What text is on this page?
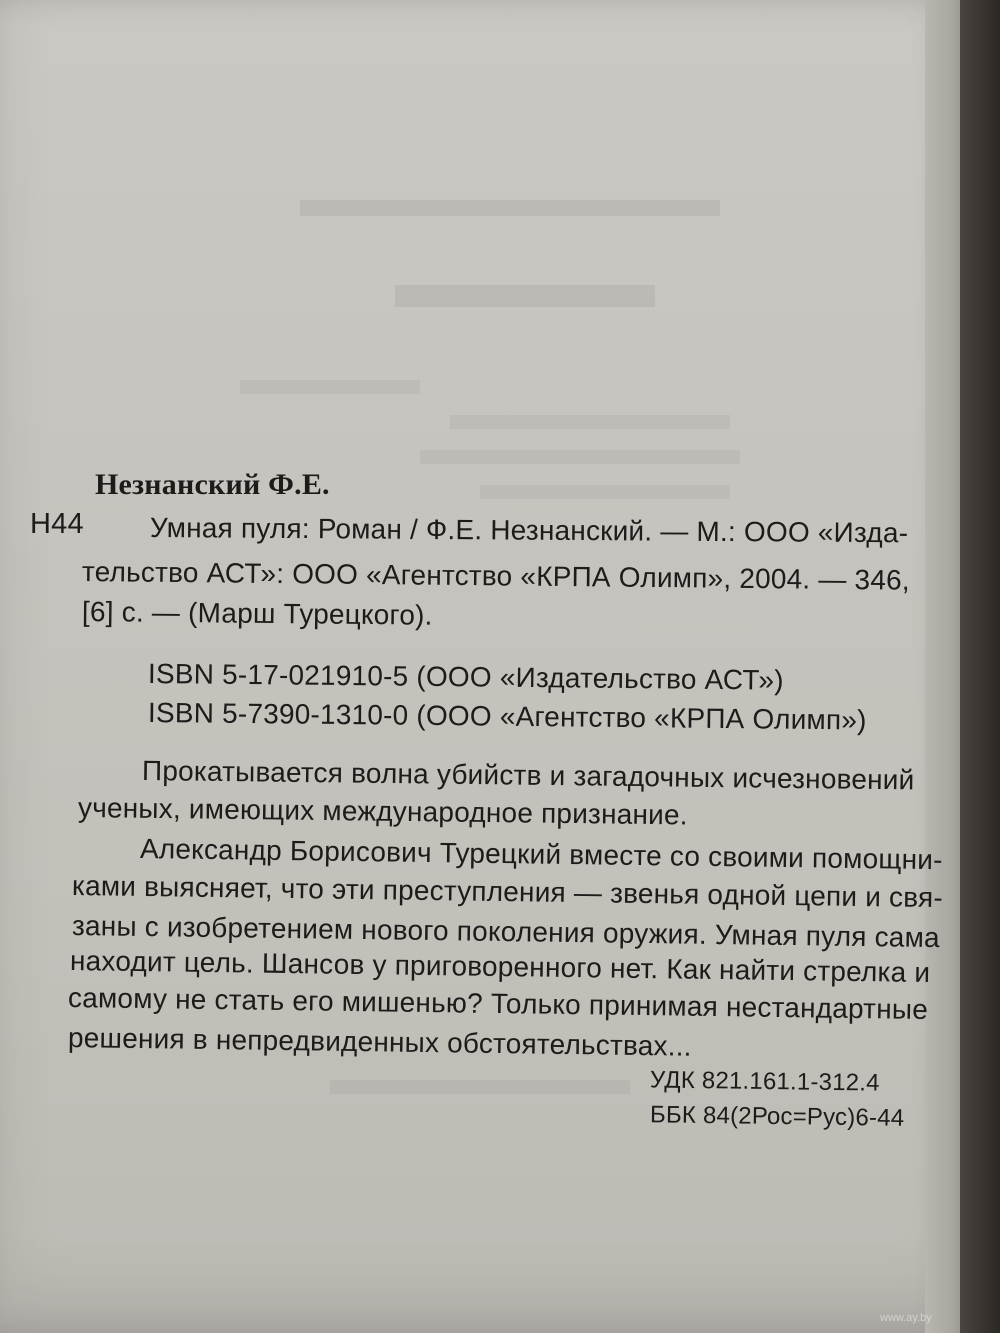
Незнанский Ф.Е.
Н44 Умная пуля: Роман / Ф.Е. Незнанский. — М.: ООО «Изда-
тельство АСТ»: ООО «Агентство «КРПА Олимп», 2004. — 346,
[6] с. — (Марш Турецкого).
ISBN 5-17-021910-5 (ООО «Издательство АСТ»)
ISBN 5-7390-1310-0 (ООО «Агентство «КРПА Олимп»)
Прокатывается волна убийств и загадочных исчезновений
ученых, имеющих международное признание.
Александр Борисович Турецкий вместе со своими помощни-
ками выясняет, что эти преступления — звенья одной цепи и свя-
заны с изобретением нового поколения оружия. Умная пуля сама
находит цель. Шансов у приговоренного нет. Как найти стрелка и
самому не стать его мишенью? Только принимая нестандартные
решения в непредвиденных обстоятельствах...
УДК 821.161.1-312.4
ББК 84(2Рос=Рус)6-44
www.ay.by
